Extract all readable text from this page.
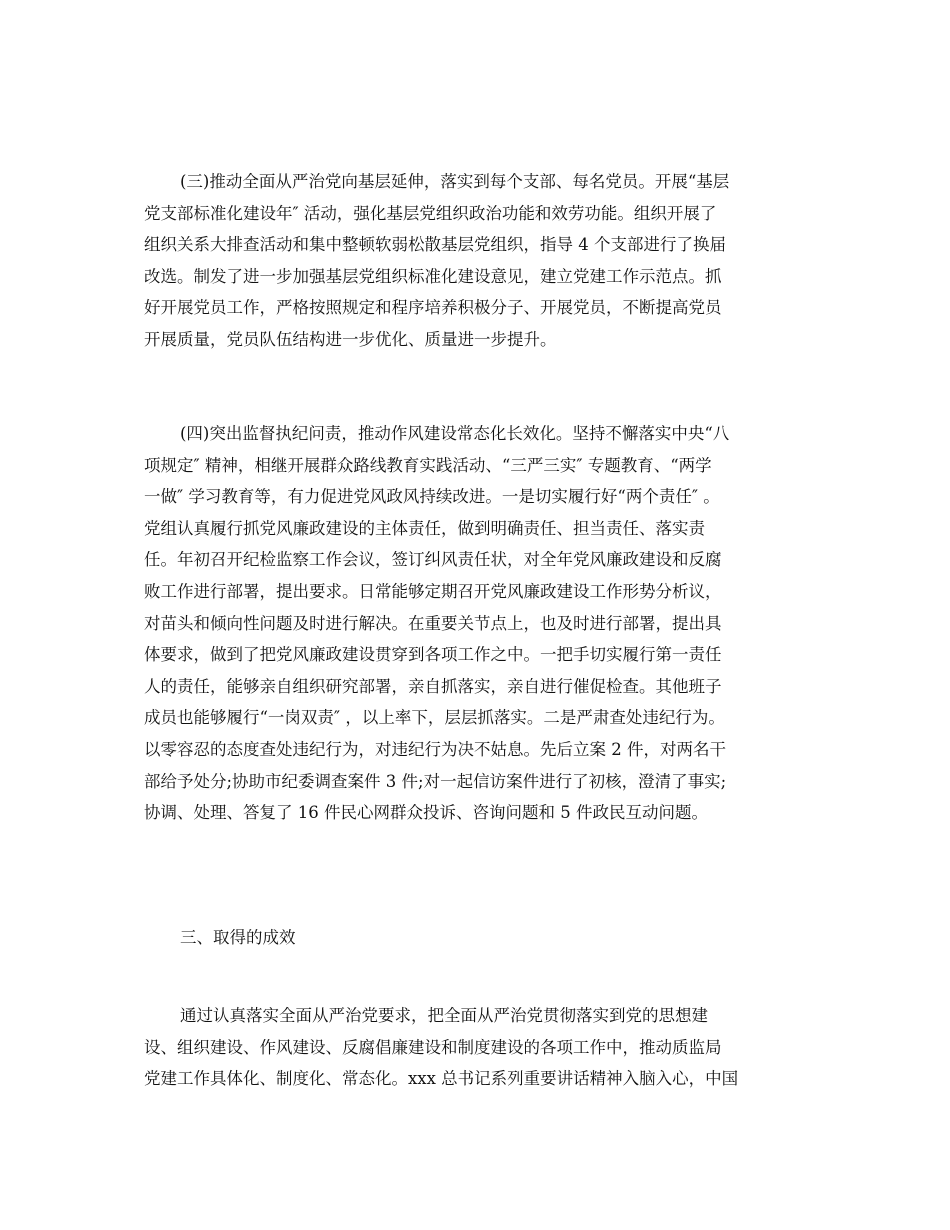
(三)推动全面从严治党向基层延伸，落实到每个支部、每名党员。开展“基层
党支部标准化建设年″ 活动，强化基层党组织政治功能和效劳功能。组织开展了
组织关系大排查活动和集中整顿软弱松散基层党组织，指导 4 个支部进行了换届
改选。制发了进一步加强基层党组织标准化建设意见，建立党建工作示范点。抓
好开展党员工作，严格按照规定和程序培养积极分子、开展党员，不断提高党员
开展质量，党员队伍结构进一步优化、质量进一步提升。
(四)突出监督执纪问责，推动作风建设常态化长效化。坚持不懈落实中央“八
项规定″ 精神，相继开展群众路线教育实践活动、“三严三实″ 专题教育、“两学
一做″ 学习教育等，有力促进党风政风持续改进。一是切实履行好“两个责任″ 。
党组认真履行抓党风廉政建设的主体责任，做到明确责任、担当责任、落实责
任。年初召开纪检监察工作会议，签订纠风责任状，对全年党风廉政建设和反腐
败工作进行部署，提出要求。日常能够定期召开党风廉政建设工作形势分析议，
对苗头和倾向性问题及时进行解决。在重要关节点上，也及时进行部署，提出具
体要求，做到了把党风廉政建设贯穿到各项工作之中。一把手切实履行第一责任
人的责任，能够亲自组织研究部署，亲自抓落实，亲自进行催促检查。其他班子
成员也能够履行“一岗双责″ ，以上率下，层层抓落实。二是严肃查处违纪行为。
以零容忍的态度查处违纪行为，对违纪行为决不姑息。先后立案 2 件，对两名干
部给予处分;协助市纪委调查案件 3 件;对一起信访案件进行了初核，澄清了事实;
协调、处理、答复了 16 件民心网群众投诉、咨询问题和 5 件政民互动问题。
三、取得的成效
通过认真落实全面从严治党要求，把全面从严治党贯彻落实到党的思想建
设、组织建设、作风建设、反腐倡廉建设和制度建设的各项工作中，推动质监局
党建工作具体化、制度化、常态化。xxx 总书记系列重要讲话精神入脑入心，中国
